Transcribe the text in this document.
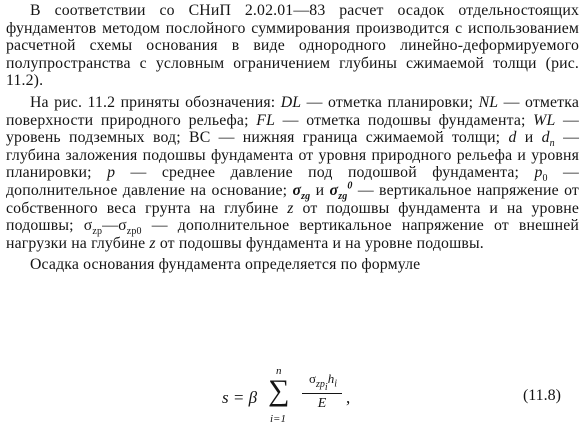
В соответствии со СНиП 2.02.01—83 расчет осадок отдельностоящих фундаментов методом послойного суммирования производится с использованием расчетной схемы основания в виде однородного линейно-деформируемого полупространства с условным ограничением глубины сжимаемой толщи (рис. 11.2).

На рис. 11.2 приняты обозначения: DL — отметка планировки; NL — отметка поверхности природного рельефа; FL — отметка подошвы фундамента; WL — уровень подземных вод; BC — нижняя граница сжимаемой толщи; d и $d_n$ — глубина заложения подошвы фундамента от уровня природного рельефа и уровня планировки; p — среднее давление под подошвой фундамента; $p_0$ — дополнительное давление на основание; $\sigma_{zg}$ и $\sigma_{zg}^0$ — вертикальное напряжение от собственного веса грунта на глубине z от подошвы фундамента и на уровне подошвы; $\sigma_{zp}—\sigma_{zp0}$ — дополнительное вертикальное напряжение от внешней нагрузки на глубине z от подошвы фундамента и на уровне подошвы.

Осадка основания фундамента определяется по формуле

s = β
n
∑
i=1
$\sigma_{zp_i}h_i$
E	,	(11.8)
